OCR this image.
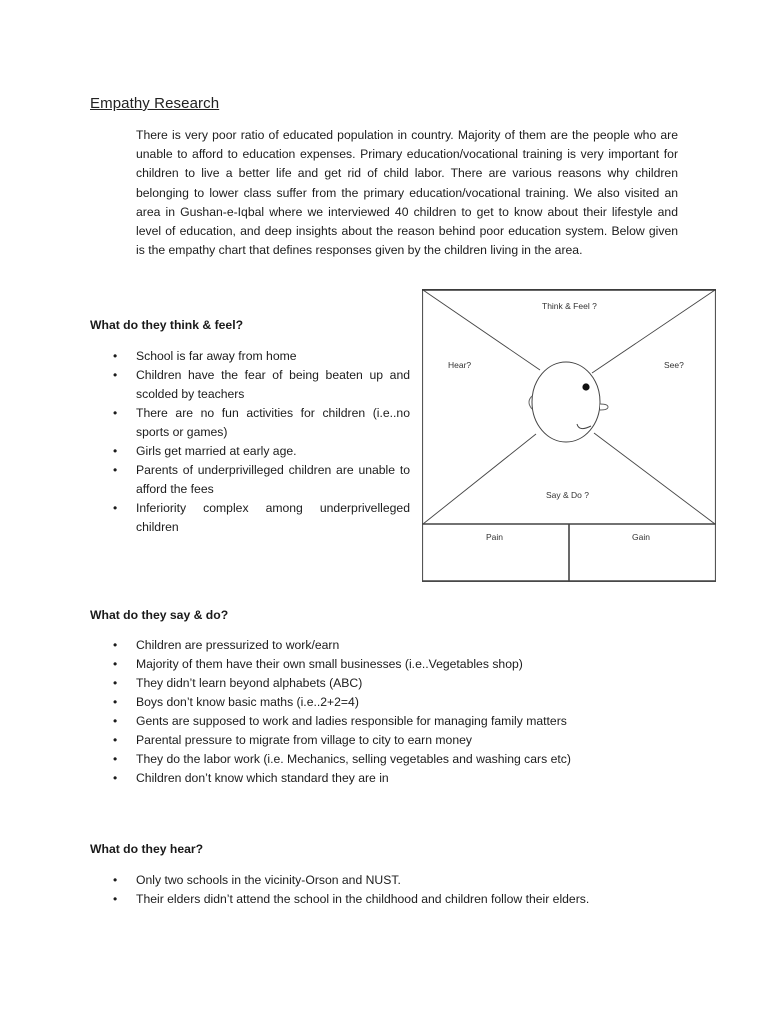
Empathy Research

There is very poor ratio of educated population in country. Majority of them are the people who are unable to afford to education expenses. Primary education/vocational training is very important for children to live a better life and get rid of child labor. There are various reasons why children belonging to lower class suffer from the primary education/vocational training. We also visited an area in Gushan-e-Iqbal where we interviewed 40 children to get to know about their lifestyle and level of education, and deep insights about the reason behind poor education system. Below given is the empathy chart that defines responses given by the children living in the area.

What do they think & feel?
• School is far away from home
• Children have the fear of being beaten up and scolded by teachers
• There are no fun activities for children (i.e..no sports or games)
• Girls get married at early age.
• Parents of underprivilleged children are unable to afford the fees
• Inferiority complex among underprivelleged children
Think & Feel ?
Hear?	See?
Say & Do ?
Pain	Gain
What do they say & do?
• Children are pressurized to work/earn
• Majority of them have their own small businesses (i.e..Vegetables shop)
• They didn’t learn beyond alphabets (ABC)
• Boys don’t know basic maths (i.e..2+2=4)
• Gents are supposed to work and ladies responsible for managing family matters
• Parental pressure to migrate from village to city to earn money
• They do the labor work (i.e. Mechanics, selling vegetables and washing cars etc)
• Children don’t know which standard they are in
What do they hear?
• Only two schools in the vicinity-Orson and NUST.
• Their elders didn’t attend the school in the childhood and children follow their elders.
